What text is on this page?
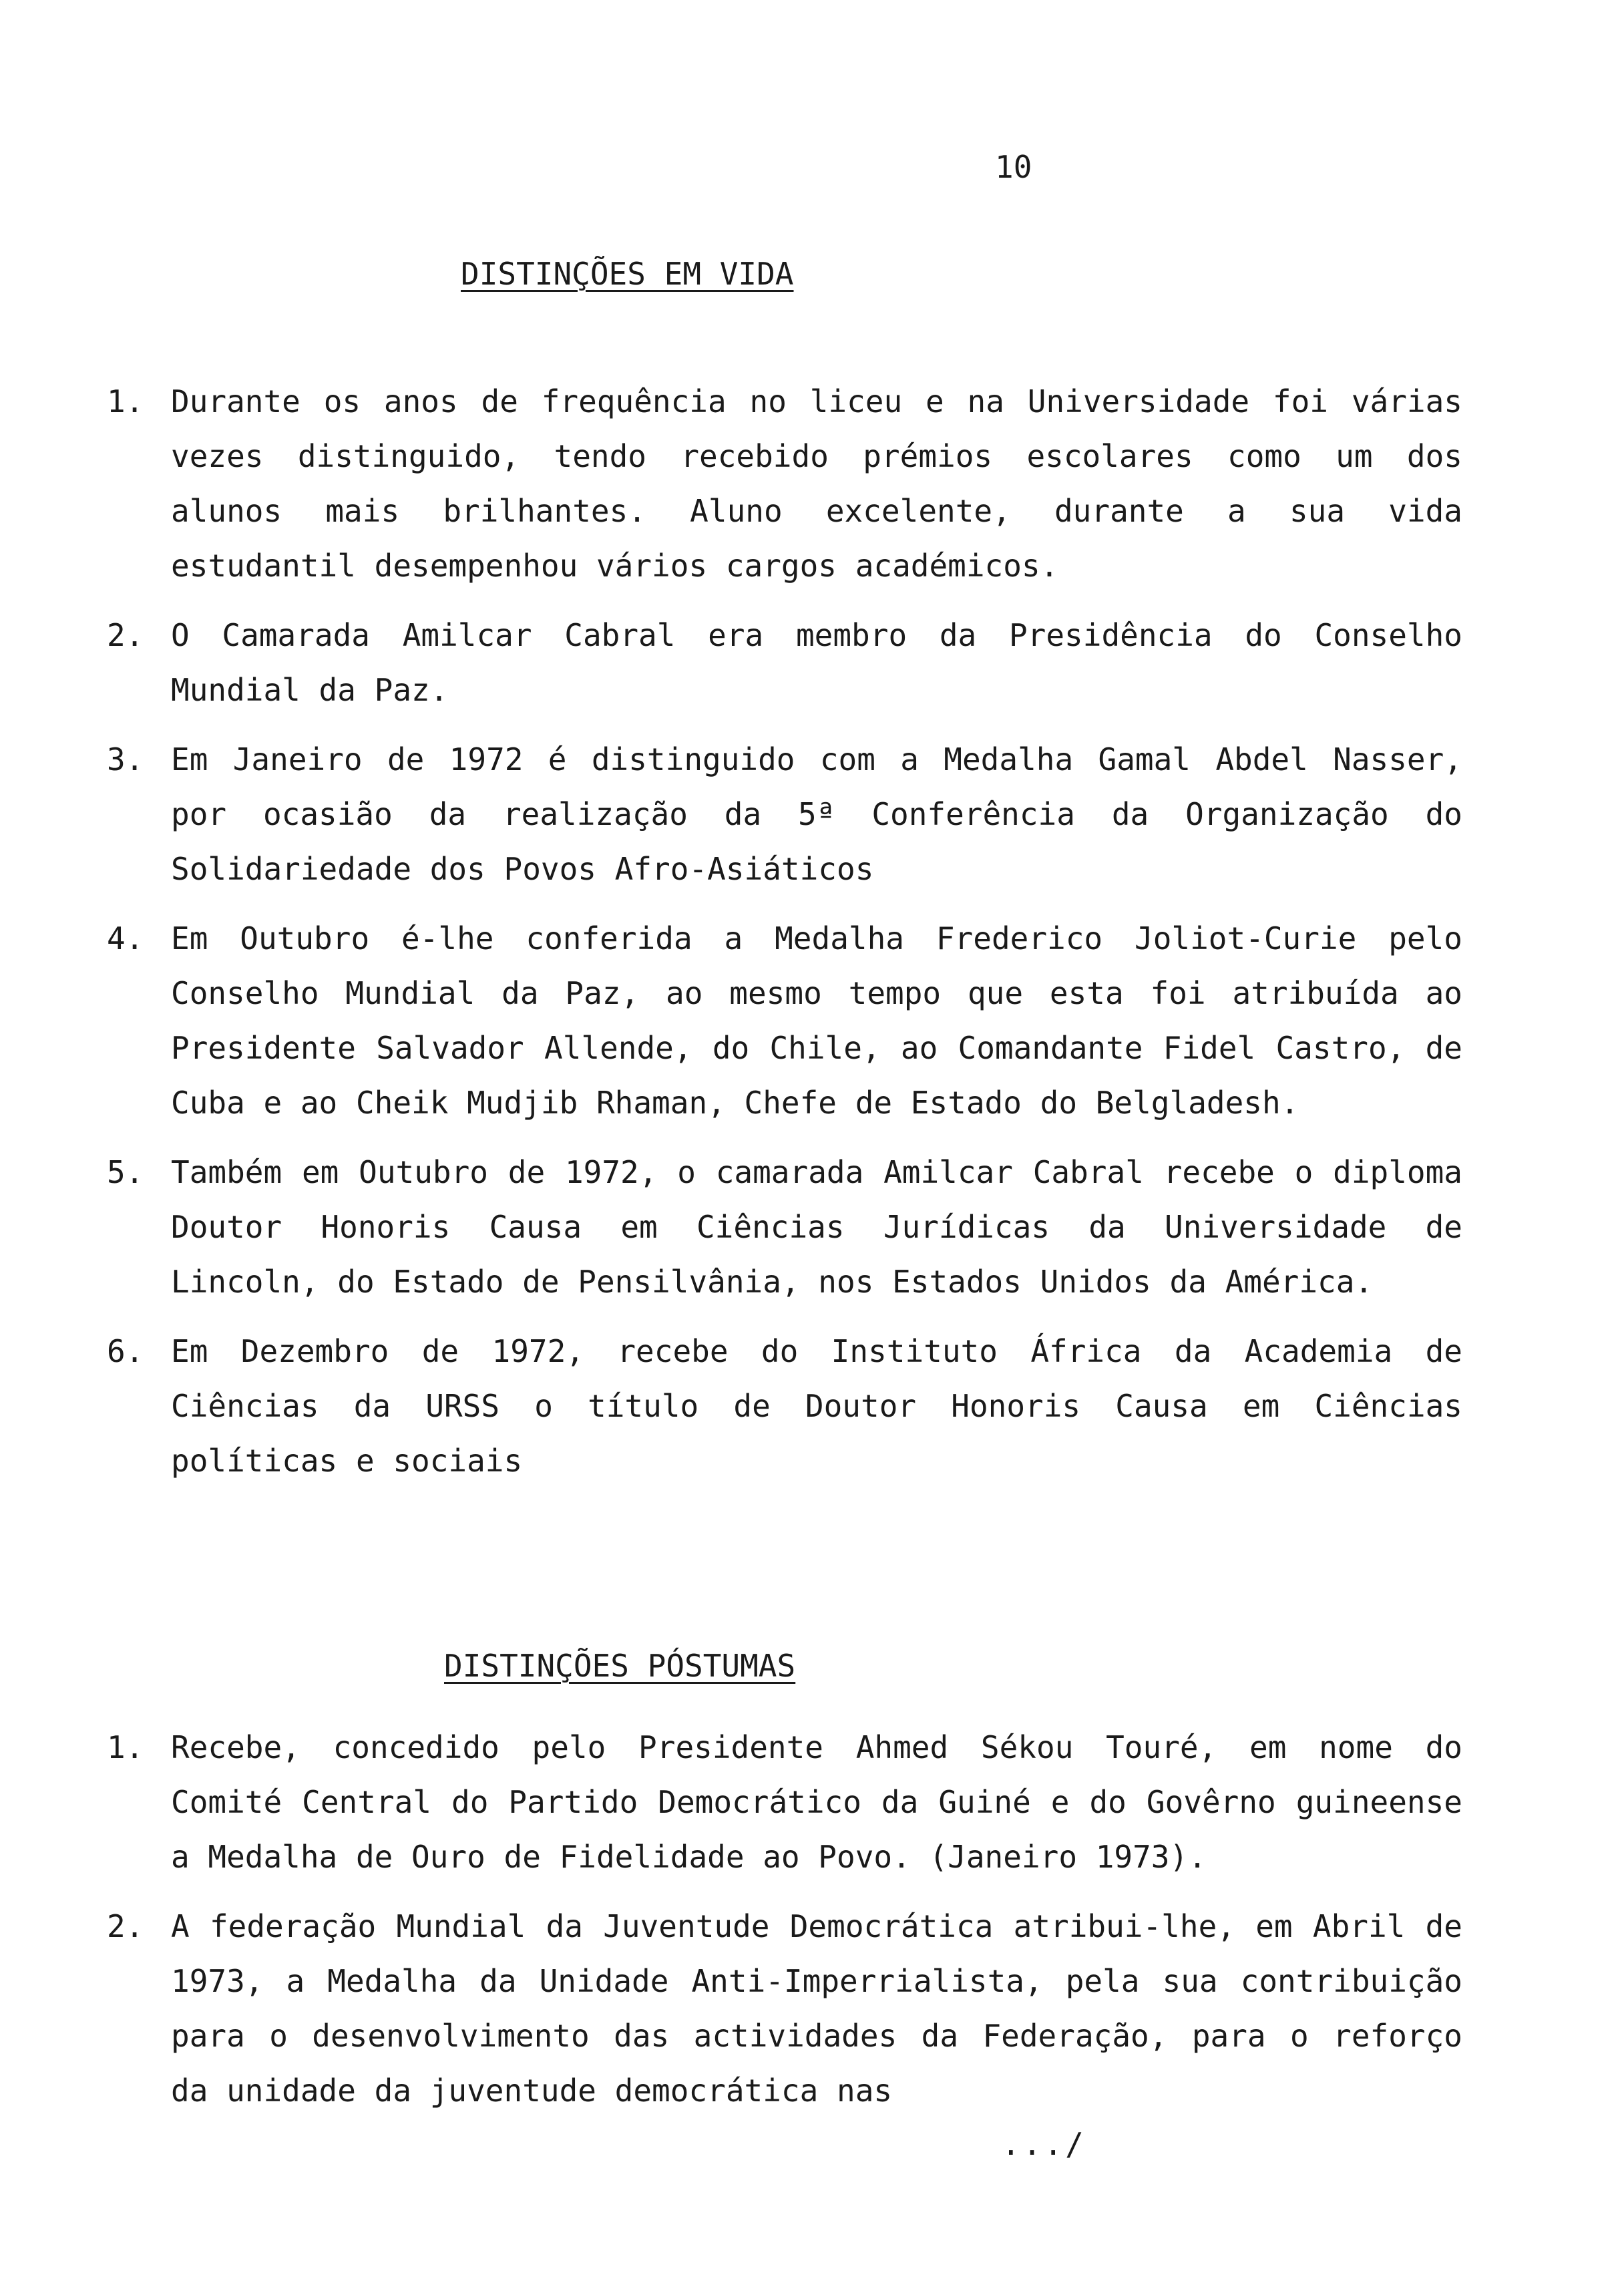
10
DISTINÇÕES EM VIDA
1. Durante os anos de frequência no liceu e na Universidade foi várias vezes distinguido, tendo recebido prémios escolares como um dos alunos mais brilhantes. Aluno excelente, durante a sua vida estudantil desempenhou vários cargos académicos.
2. O Camarada Amilcar Cabral era membro da Presidência do Conselho Mundial da Paz.
3. Em Janeiro de 1972 é distinguido com a Medalha Gamal Abdel Nasser, por ocasião da realização da 5ª Conferência da Organização do Solidariedade dos Povos Afro-Asiáticos
4. Em Outubro é-lhe conferida a Medalha Frederico Joliot-Curie pelo Conselho Mundial da Paz, ao mesmo tempo que esta foi atribuída ao Presidente Salvador Allende, do Chile, ao Comandante Fidel Castro, de Cuba e ao Cheik Mudjib Rhaman, Chefe de Estado do Belgladesh.
5. Também em Outubro de 1972, o camarada Amilcar Cabral recebe o diploma Doutor Honoris Causa em Ciências Jurídicas da Universidade de Lincoln, do Estado de Pensilvânia, nos Estados Unidos da América.
6. Em Dezembro de 1972, recebe do Instituto África da Academia de Ciências da URSS o título de Doutor Honoris Causa em Ciências políticas e sociais
DISTINÇÕES PÓSTUMAS
1. Recebe, concedido pelo Presidente Ahmed Sékou Touré, em nome do Comité Central do Partido Democrático da Guiné e do Govêrno guineense a Medalha de Ouro de Fidelidade ao Povo. (Janeiro 1973).
2. A federação Mundial da Juventude Democrática atribui-lhe, em Abril de 1973, a Medalha da Unidade Anti-Imperrialista, pela sua contribuição para o desenvolvimento das actividades da Federação, para o reforço da unidade da juventude democrática nas
.../
